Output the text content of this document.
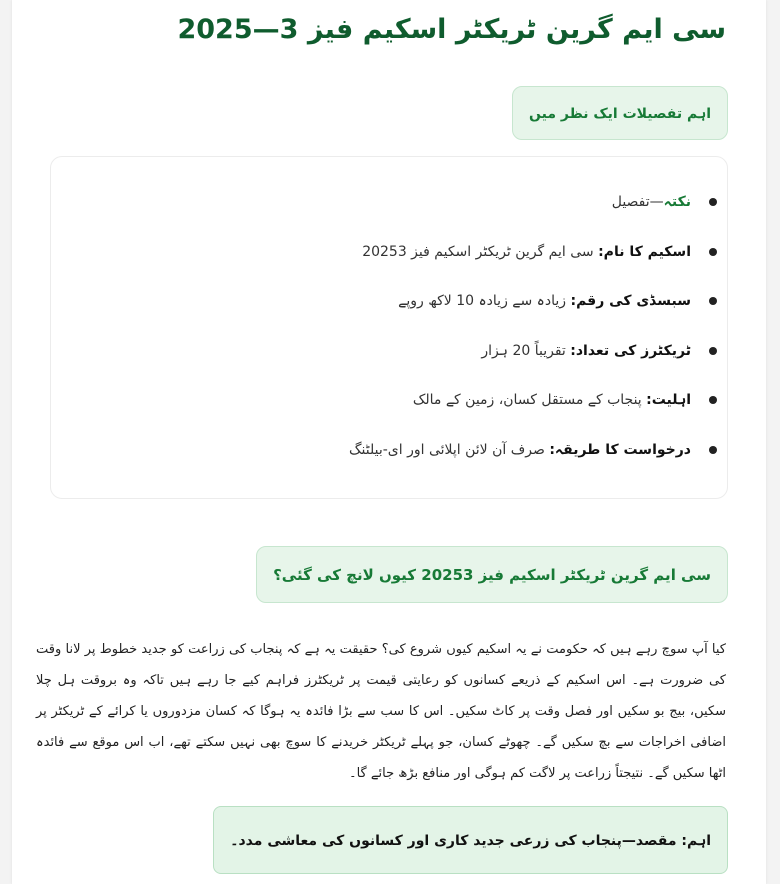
سی ایم گرین ٹریکٹر اسکیم فیز 3—2025
اہم تفصیلات ایک نظر میں
نکتہ—تفصیل
اسکیم کا نام: سی ایم گرین ٹریکٹر اسکیم فیز 20253
سبسڈی کی رقم: زیادہ سے زیادہ 10 لاکھ روپے
ٹریکٹرز کی تعداد: تقریباً 20 ہزار
اہلیت: پنجاب کے مستقل کسان، زمین کے مالک
درخواست کا طریقہ: صرف آن لائن اپلائی اور ای-بیلٹنگ
سی ایم گرین ٹریکٹر اسکیم فیز 20253 کیوں لانچ کی گئی؟

کیا آپ سوچ رہے ہیں کہ حکومت نے یہ اسکیم کیوں شروع کی؟ حقیقت یہ ہے کہ پنجاب کی زراعت کو جدید خطوط پر لانا وقت کی ضرورت ہے۔ اس اسکیم کے ذریعے کسانوں کو رعایتی قیمت پر ٹریکٹرز فراہم کیے جا رہے ہیں تاکہ وہ بروقت ہل چلا سکیں، بیج بو سکیں اور فصل وقت پر کاٹ سکیں۔ اس کا سب سے بڑا فائدہ یہ ہوگا کہ کسان مزدوروں یا کرائے کے ٹریکٹر پر اضافی اخراجات سے بچ سکیں گے۔ چھوٹے کسان، جو پہلے ٹریکٹر خریدنے کا سوچ بھی نہیں سکتے تھے، اب اس موقع سے فائدہ اٹھا سکیں گے۔ نتیجتاً زراعت پر لاگت کم ہوگی اور منافع بڑھ جائے گا۔

اہم: مقصد—پنجاب کی زرعی جدید کاری اور کسانوں کی معاشی مدد۔
